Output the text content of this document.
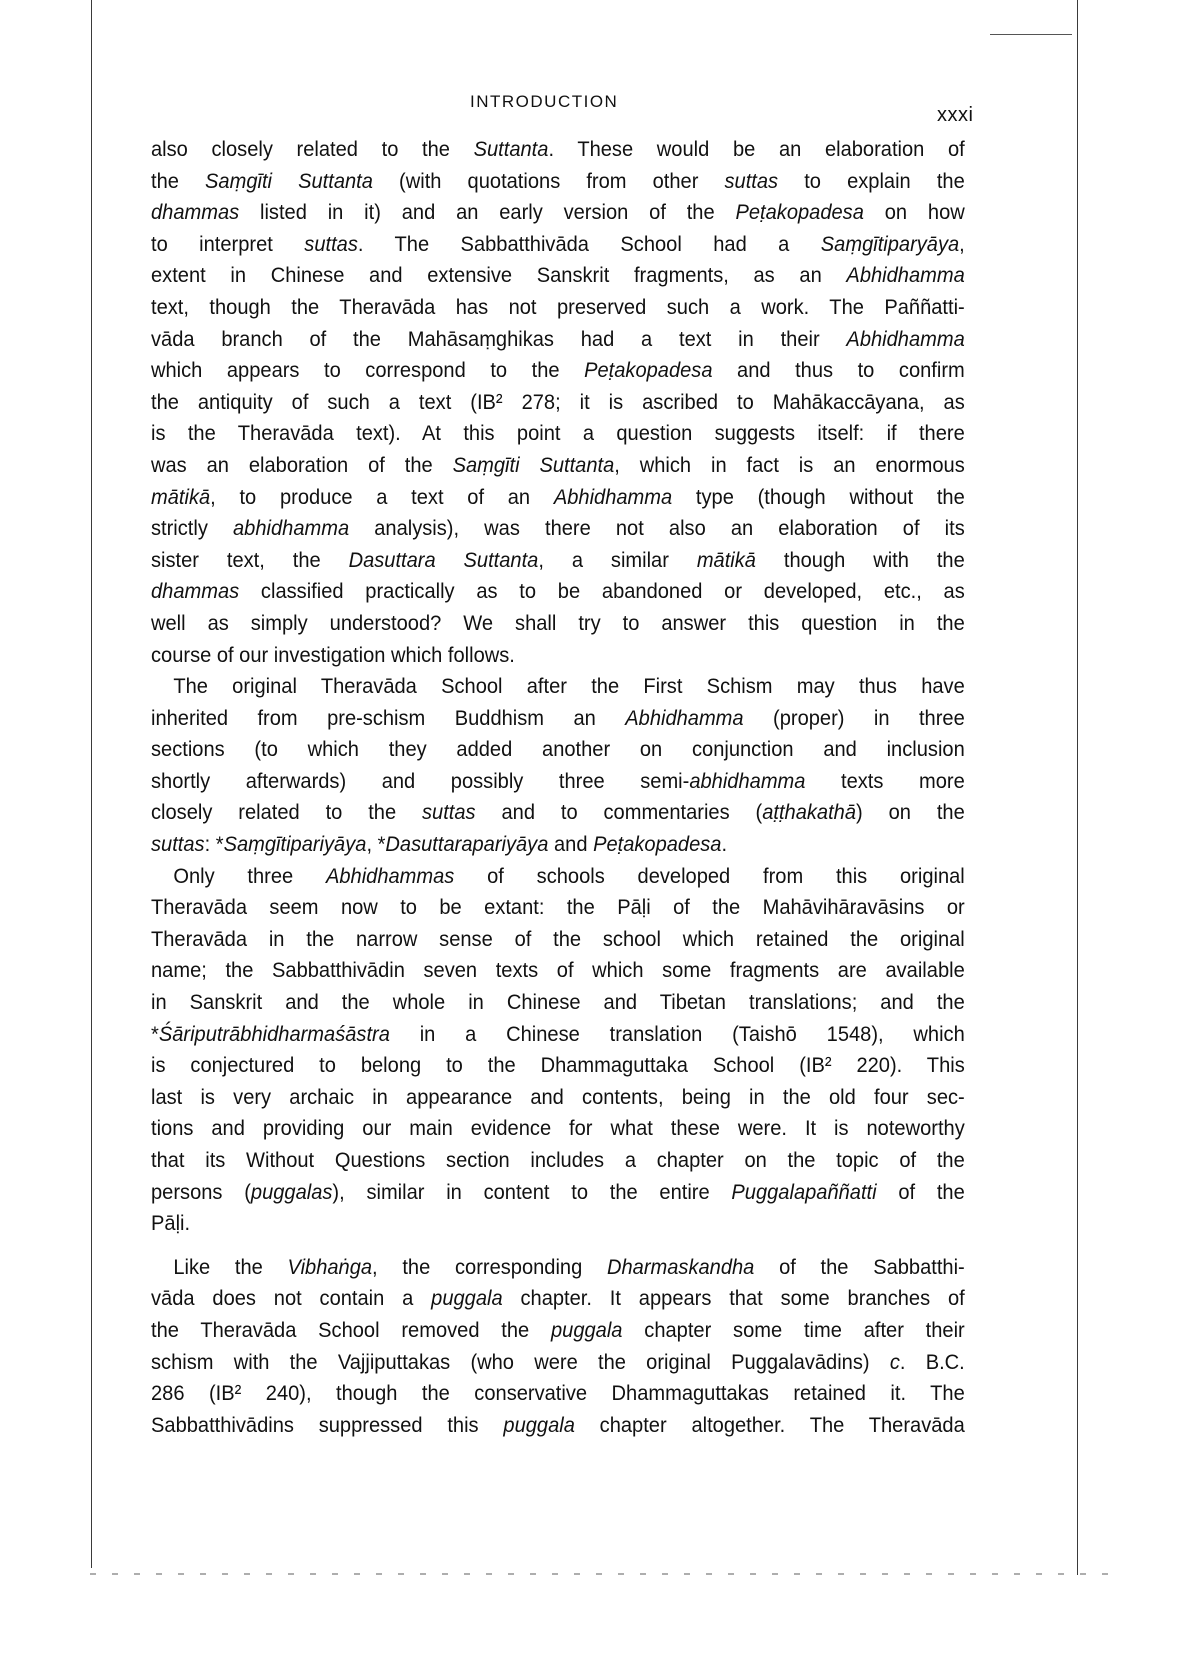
INTRODUCTION
xxxi
also closely related to the Suttanta. These would be an elaboration of
the Saṃgīti Suttanta (with quotations from other suttas to explain the
dhammas listed in it) and an early version of the Peṭakopadesa on how
to interpret suttas. The Sabbatthivāda School had a Saṃgītiparyāya,
extent in Chinese and extensive Sanskrit fragments, as an Abhidhamma
text, though the Theravāda has not preserved such a work. The Paññatti-
vāda branch of the Mahāsaṃghikas had a text in their Abhidhamma
which appears to correspond to the Peṭakopadesa and thus to confirm
the antiquity of such a text (IB² 278; it is ascribed to Mahākaccāyana, as
is the Theravāda text). At this point a question suggests itself: if there
was an elaboration of the Saṃgīti Suttanta, which in fact is an enormous
mātikā, to produce a text of an Abhidhamma type (though without the
strictly abhidhamma analysis), was there not also an elaboration of its
sister text, the Dasuttara Suttanta, a similar mātikā though with the
dhammas classified practically as to be abandoned or developed, etc., as
well as simply understood? We shall try to answer this question in the
course of our investigation which follows.
The original Theravāda School after the First Schism may thus have
inherited from pre-schism Buddhism an Abhidhamma (proper) in three
sections (to which they added another on conjunction and inclusion
shortly afterwards) and possibly three semi-abhidhamma texts more
closely related to the suttas and to commentaries (aṭṭhakathā) on the
suttas: *Saṃgītipariyāya, *Dasuttarapariyāya and Peṭakopadesa.
Only three Abhidhammas of schools developed from this original
Theravāda seem now to be extant: the Pāḷi of the Mahāvihāravāsins or
Theravāda in the narrow sense of the school which retained the original
name; the Sabbatthivādin seven texts of which some fragments are available
in Sanskrit and the whole in Chinese and Tibetan translations; and the
*Śāriputrābhidharmaśāstra in a Chinese translation (Taishō 1548), which
is conjectured to belong to the Dhammaguttaka School (IB² 220). This
last is very archaic in appearance and contents, being in the old four sec-
tions and providing our main evidence for what these were. It is noteworthy
that its Without Questions section includes a chapter on the topic of the
persons (puggalas), similar in content to the entire Puggalapaññatti of the
Pāḷi.
Like the Vibhaṅga, the corresponding Dharmaskandha of the Sabbatthi-
vāda does not contain a puggala chapter. It appears that some branches of
the Theravāda School removed the puggala chapter some time after their
schism with the Vajjiputtakas (who were the original Puggalavādins) c. B.C.
286 (IB² 240), though the conservative Dhammaguttakas retained it. The
Sabbatthivādins suppressed this puggala chapter altogether. The Theravāda
